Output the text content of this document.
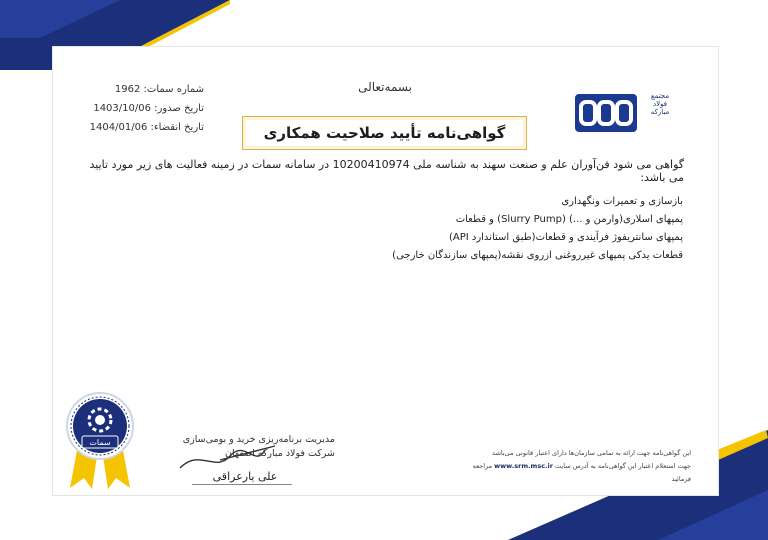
مجتمع
فولاد
مبارکه
شماره سمات: 1962
تاریخ صدور: 1403/10/06
تاریخ انقضاء: 1404/01/06
بسمه‌تعالی
گواهی‌نامه تأیید صلاحیت همکاری
گواهی می شود فن‌آوران علم و صنعت سهند به شناسه ملی 10200410974 در سامانه سمات در زمینه فعالیت های زیر مورد تایید می باشد:
بازسازی و تعمیرات ونگهداری
پمپهای اسلاری(وارمن و ...) (Slurry Pump) و قطعات
پمپهای سانتریفوژ فرآیندی و قطعات(طبق استاندارد API)
قطعات یدکی پمپهای غیرروغنی ازروی نقشه(پمپهای سازندگان خارجی)
سمات	مدیریت برنامه‌ریزی خرید و بومی‌سازی
شرکت فولاد مبارکه اصفهان
علی یارعراقی
این گواهی‌نامه جهت ارائه به تمامی سازمان‌ها دارای اعتبار قانونی می‌باشد
جهت استعلام اعتبار این گواهی‌نامه به آدرس سایت www.srm.msc.ir مراجعه فرمائید
